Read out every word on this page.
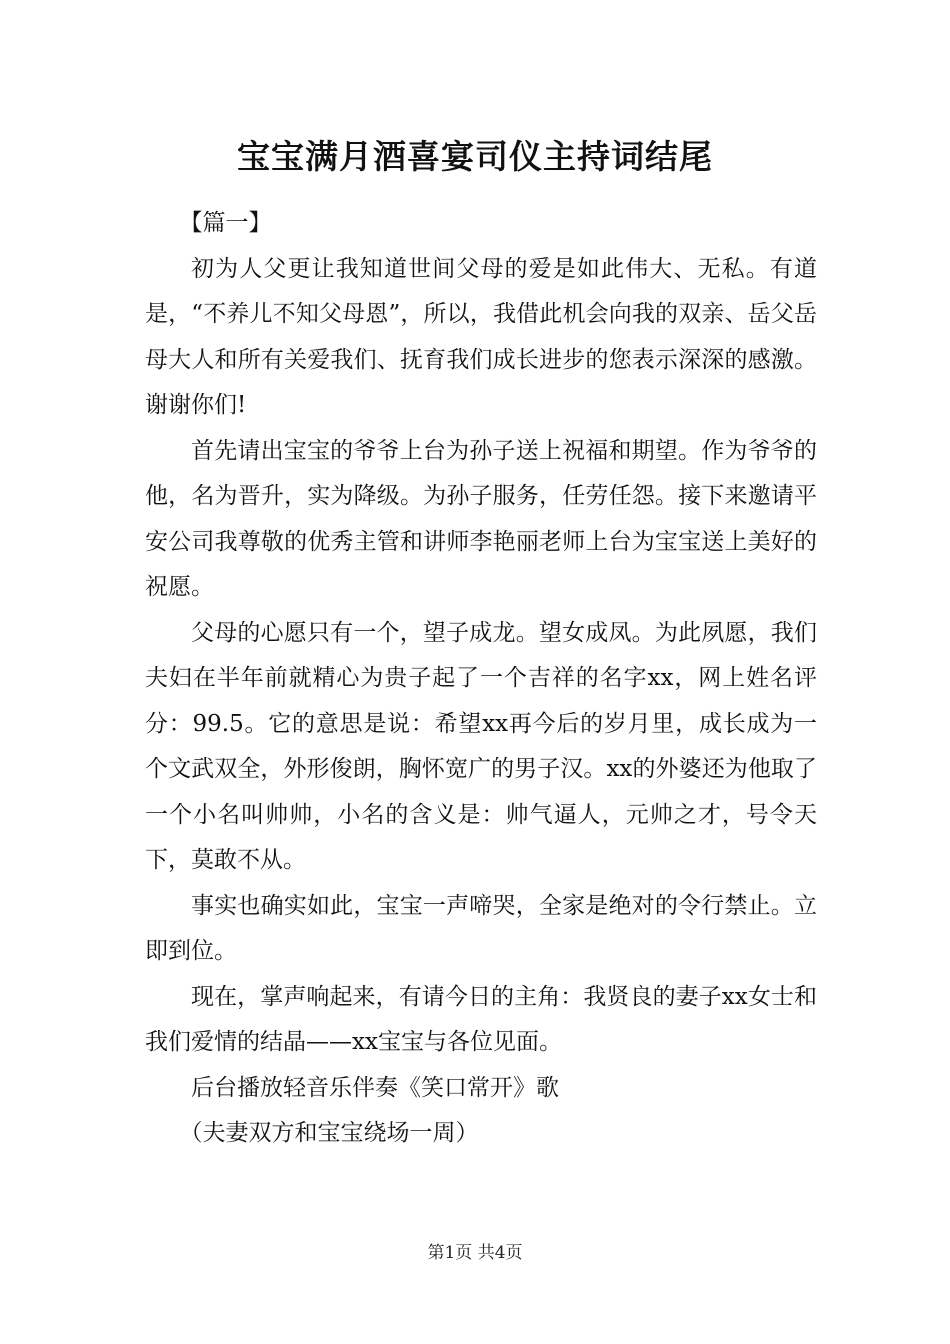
宝宝满月酒喜宴司仪主持词结尾

【篇一】

初为人父更让我知道世间父母的爱是如此伟大、无私。有道是，“不养儿不知父母恩”，所以，我借此机会向我的双亲、岳父岳母大人和所有关爱我们、抚育我们成长进步的您表示深深的感激。谢谢你们!

首先请出宝宝的爷爷上台为孙子送上祝福和期望。作为爷爷的他，名为晋升，实为降级。为孙子服务，任劳任怨。接下来邀请平安公司我尊敬的优秀主管和讲师李艳丽老师上台为宝宝送上美好的祝愿。

父母的心愿只有一个，望子成龙。望女成凤。为此夙愿，我们夫妇在半年前就精心为贵子起了一个吉祥的名字xx，网上姓名评分：99.5。它的意思是说：希望xx再今后的岁月里，成长成为一个文武双全，外形俊朗，胸怀宽广的男子汉。xx的外婆还为他取了一个小名叫帅帅，小名的含义是：帅气逼人，元帅之才，号令天下，莫敢不从。

事实也确实如此，宝宝一声啼哭，全家是绝对的令行禁止。立即到位。

现在，掌声响起来，有请今日的主角：我贤良的妻子xx女士和我们爱情的结晶——xx宝宝与各位见面。

后台播放轻音乐伴奏《笑口常开》歌

（夫妻双方和宝宝绕场一周）

第1页 共4页
